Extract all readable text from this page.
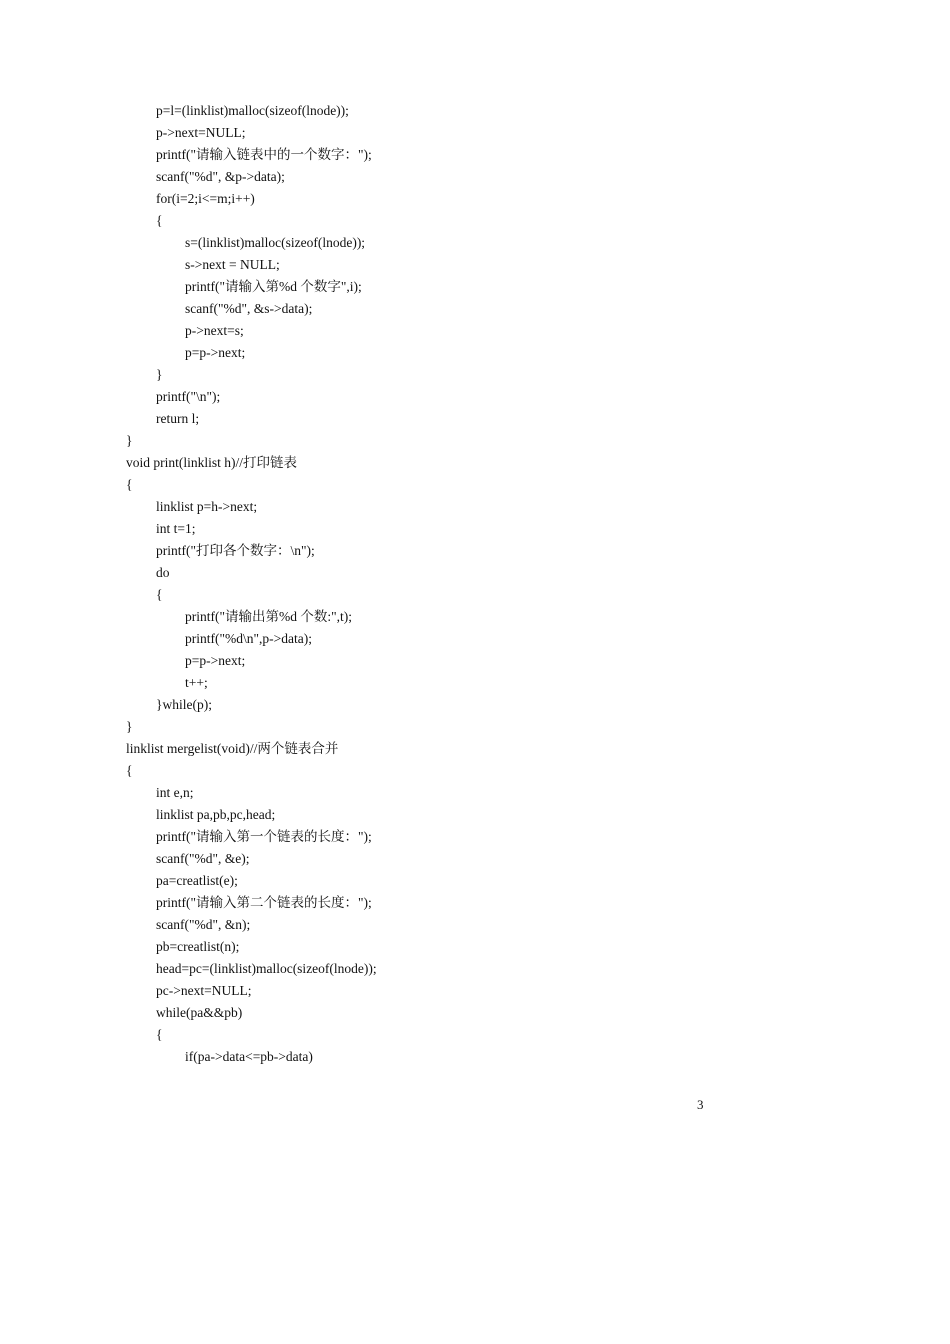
p=l=(linklist)malloc(sizeof(lnode));
p->next=NULL;
printf("请输入链表中的一个数字：");
scanf("%d", &p->data);
for(i=2;i<=m;i++)
{
s=(linklist)malloc(sizeof(lnode));
s->next = NULL;
printf("请输入第%d 个数字",i);
scanf("%d", &s->data);
p->next=s;
p=p->next;
}
printf("\n");
return l;
}
void print(linklist h)//打印链表
{
linklist p=h->next;
int t=1;
printf("打印各个数字：\n");
do
{
printf("请输出第%d 个数:",t);
printf("%d\n",p->data);
p=p->next;
t++;
}while(p);
}
linklist mergelist(void)//两个链表合并
{
int e,n;
linklist pa,pb,pc,head;
printf("请输入第一个链表的长度：");
scanf("%d", &e);
pa=creatlist(e);
printf("请输入第二个链表的长度：");
scanf("%d", &n);
pb=creatlist(n);
head=pc=(linklist)malloc(sizeof(lnode));
pc->next=NULL;
while(pa&&pb)
{
if(pa->data<=pb->data)
3
